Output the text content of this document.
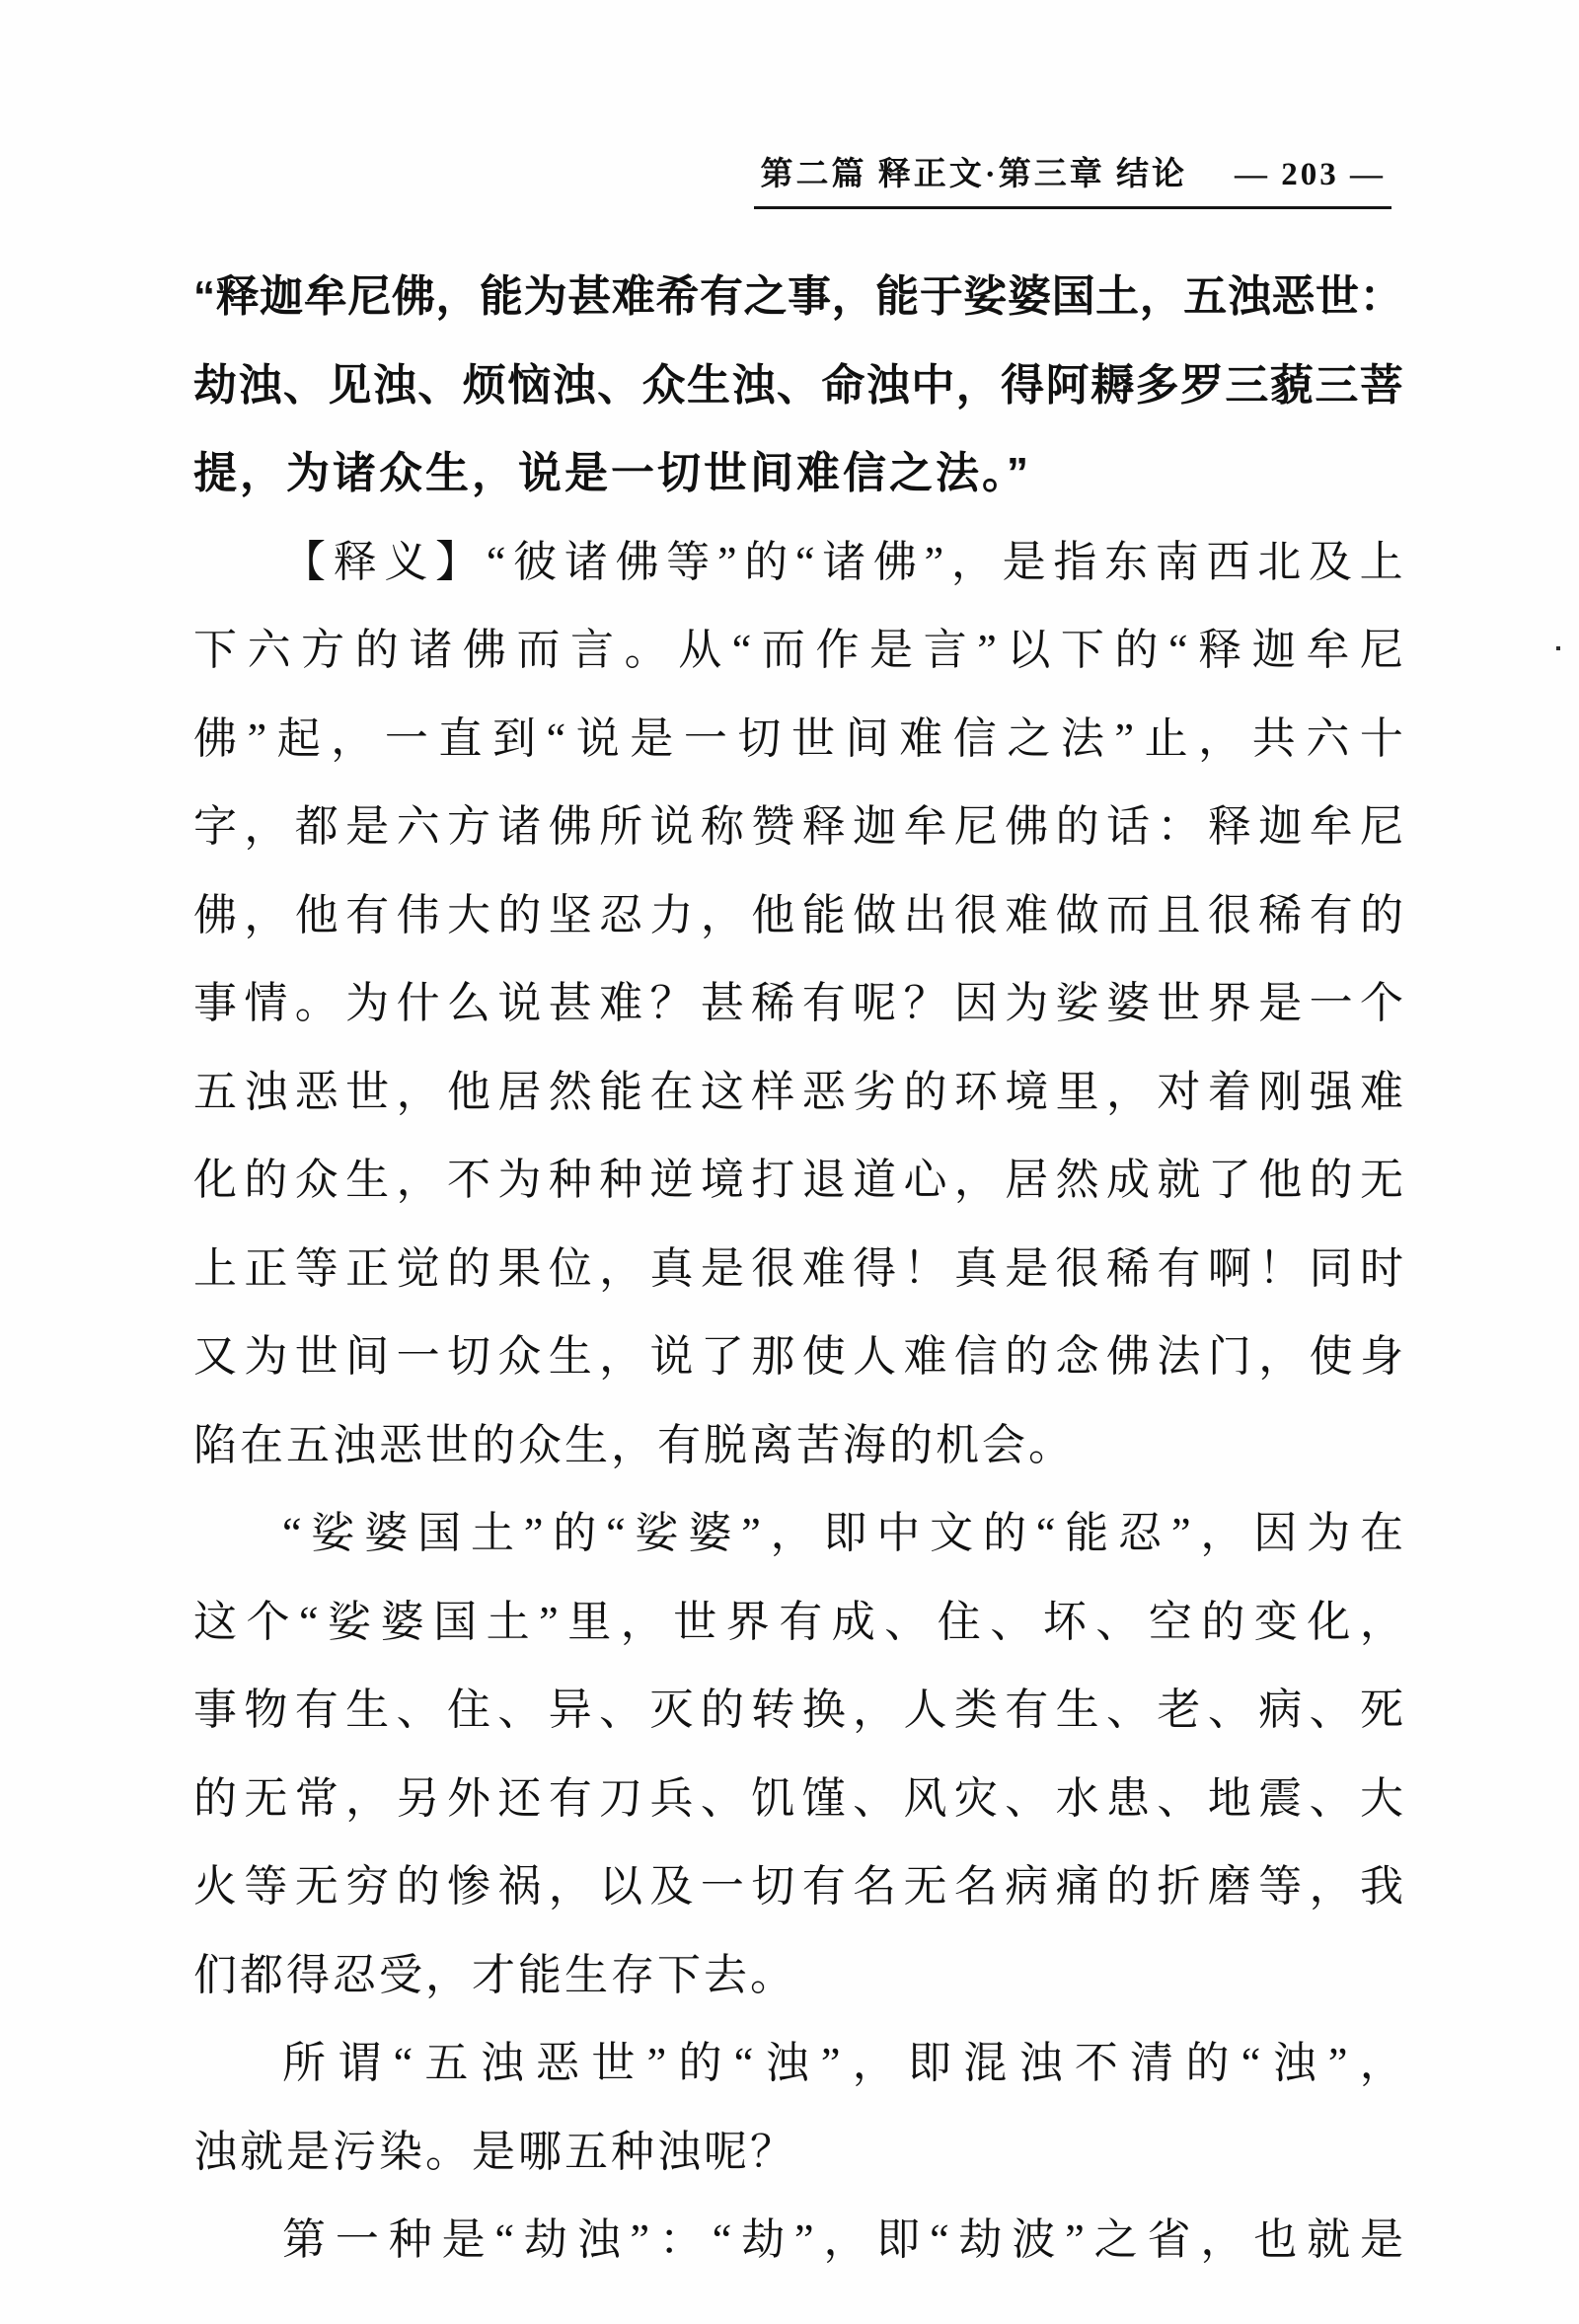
第二篇 释正文·第三章 结论 — 203 —
“ 释 迦 牟 尼 佛 ， 能 为 甚 难 希 有 之 事 ， 能 于 娑 婆 国 土 ， 五 浊 恶 世 ：
劫 浊 、 见 浊 、 烦 恼 浊 、 众 生 浊 、 命 浊 中 ， 得 阿 耨 多 罗 三 藐 三 菩
提，为诸众生，说是一切世间难信之法。”
【 释 义 】 “ 彼 诸 佛 等 ” 的 “ 诸 佛 ” ， 是 指 东 南 西 北 及 上
下 六 方 的 诸 佛 而 言 。 从 “ 而 作 是 言 ” 以 下 的 “ 释 迦 牟 尼
佛 ” 起 ， 一 直 到 “ 说 是 一 切 世 间 难 信 之 法 ” 止 ， 共 六 十
字 ， 都 是 六 方 诸 佛 所 说 称 赞 释 迦 牟 尼 佛 的 话 ： 释 迦 牟 尼
佛 ， 他 有 伟 大 的 坚 忍 力 ， 他 能 做 出 很 难 做 而 且 很 稀 有 的
事 情 。 为 什 么 说 甚 难 ？ 甚 稀 有 呢 ？ 因 为 娑 婆 世 界 是 一 个
五 浊 恶 世 ， 他 居 然 能 在 这 样 恶 劣 的 环 境 里 ， 对 着 刚 强 难
化 的 众 生 ， 不 为 种 种 逆 境 打 退 道 心 ， 居 然 成 就 了 他 的 无
上 正 等 正 觉 的 果 位 ， 真 是 很 难 得 ！ 真 是 很 稀 有 啊 ！ 同 时
又 为 世 间 一 切 众 生 ， 说 了 那 使 人 难 信 的 念 佛 法 门 ， 使 身
陷在五浊恶世的众生，有脱离苦海的机会。
“ 娑 婆 国 土 ” 的 “ 娑 婆 ” ， 即 中 文 的 “ 能 忍 ” ， 因 为 在
这 个 “ 娑 婆 国 土 ” 里 ， 世 界 有 成 、 住 、 坏 、 空 的 变 化 ，
事 物 有 生 、 住 、 异 、 灭 的 转 换 ， 人 类 有 生 、 老 、 病 、 死
的 无 常 ， 另 外 还 有 刀 兵 、 饥 馑 、 风 灾 、 水 患 、 地 震 、 大
火 等 无 穷 的 惨 祸 ， 以 及 一 切 有 名 无 名 病 痛 的 折 磨 等 ， 我
们都得忍受，才能生存下去。
所 谓 “ 五 浊 恶 世 ” 的 “ 浊 ” ， 即 混 浊 不 清 的 “ 浊 ” ，
浊就是污染。是哪五种浊呢？
第 一 种 是 “ 劫 浊 ” ： “ 劫 ” ， 即 “ 劫 波 ” 之 省 ， 也 就 是
